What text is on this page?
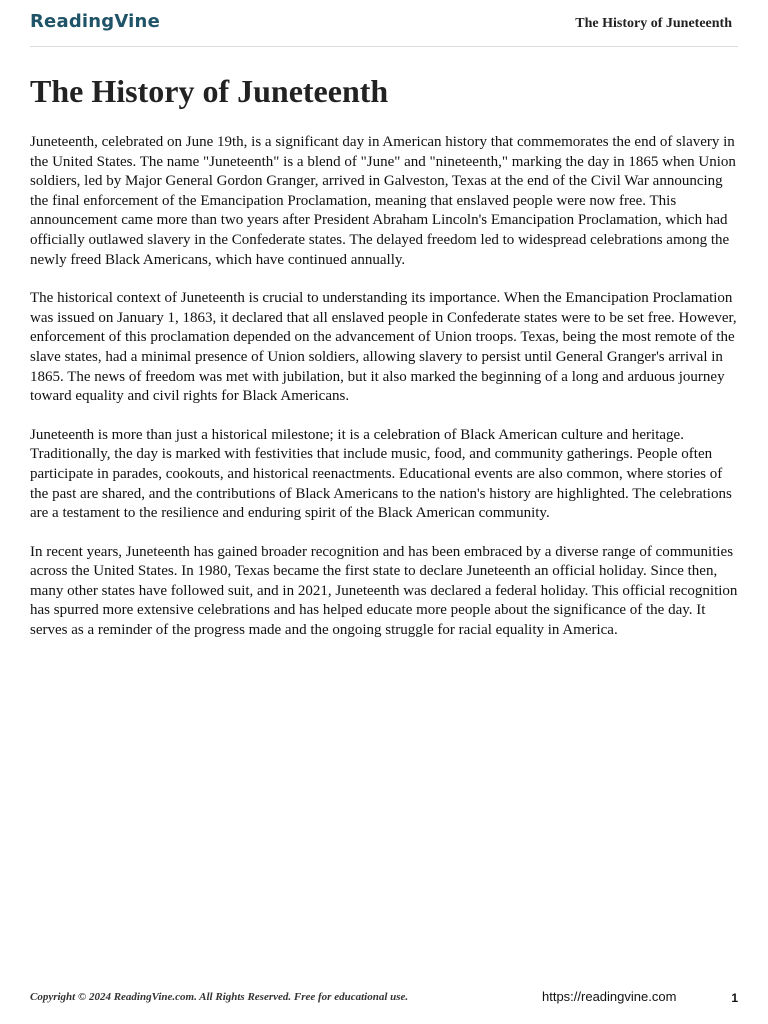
ReadingVine	The History of Juneteenth
The History of Juneteenth

Juneteenth, celebrated on June 19th, is a significant day in American history that commemorates the end of slavery in the United States. The name "Juneteenth" is a blend of "June" and "nineteenth," marking the day in 1865 when Union soldiers, led by Major General Gordon Granger, arrived in Galveston, Texas at the end of the Civil War announcing the final enforcement of the Emancipation Proclamation, meaning that enslaved people were now free. This announcement came more than two years after President Abraham Lincoln's Emancipation Proclamation, which had officially outlawed slavery in the Confederate states. The delayed freedom led to widespread celebrations among the newly freed Black Americans, which have continued annually.

The historical context of Juneteenth is crucial to understanding its importance. When the Emancipation Proclamation was issued on January 1, 1863, it declared that all enslaved people in Confederate states were to be set free. However, enforcement of this proclamation depended on the advancement of Union troops. Texas, being the most remote of the slave states, had a minimal presence of Union soldiers, allowing slavery to persist until General Granger's arrival in 1865. The news of freedom was met with jubilation, but it also marked the beginning of a long and arduous journey toward equality and civil rights for Black Americans.

Juneteenth is more than just a historical milestone; it is a celebration of Black American culture and heritage. Traditionally, the day is marked with festivities that include music, food, and community gatherings. People often participate in parades, cookouts, and historical reenactments. Educational events are also common, where stories of the past are shared, and the contributions of Black Americans to the nation's history are highlighted. The celebrations are a testament to the resilience and enduring spirit of the Black American community.

In recent years, Juneteenth has gained broader recognition and has been embraced by a diverse range of communities across the United States. In 1980, Texas became the first state to declare Juneteenth an official holiday. Since then, many other states have followed suit, and in 2021, Juneteenth was declared a federal holiday. This official recognition has spurred more extensive celebrations and has helped educate more people about the significance of the day. It serves as a reminder of the progress made and the ongoing struggle for racial equality in America.

Copyright © 2024 ReadingVine.com. All Rights Reserved. Free for educational use.	https://readingvine.com	1
